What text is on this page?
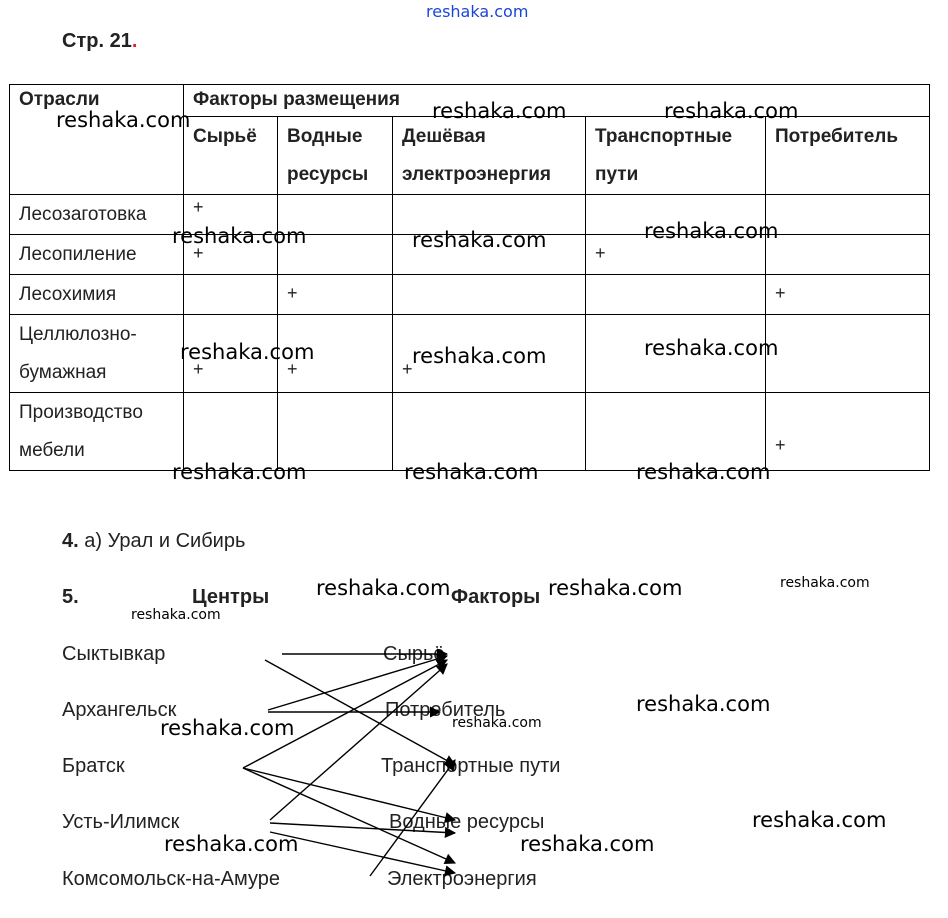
reshaka.com
Стр. 21.
Отрасли	Факторы размещения				
	Сырьё	Водные ресурсы	Дешёвая электроэнергия	Транспортные пути	Потребитель
Лесозаготовка	+				

Лесопиление	+			+	

Лесохимия		+			+

Целлюлозно-бумажная	+	+	+		

Производство мебели					+
4. а) Урал и Сибирь
5.	Центры	Факторы
Сыктывкар
Архангельск
Братск
Усть-Илимск
Комсомольск-на-Амуре
Сырьё
Потребитель
Транспортные пути
Водные ресурсы
Электроэнергия
reshaka.com	reshaka.com	reshaka.com
reshaka.com	reshaka.com	reshaka.com
reshaka.com	reshaka.com	reshaka.com
reshaka.com	reshaka.com	reshaka.com
reshaka.com	reshaka.com	reshaka.com
reshaka.com
reshaka.com
reshaka.com	reshaka.com
reshaka.com
reshaka.com	reshaka.com
